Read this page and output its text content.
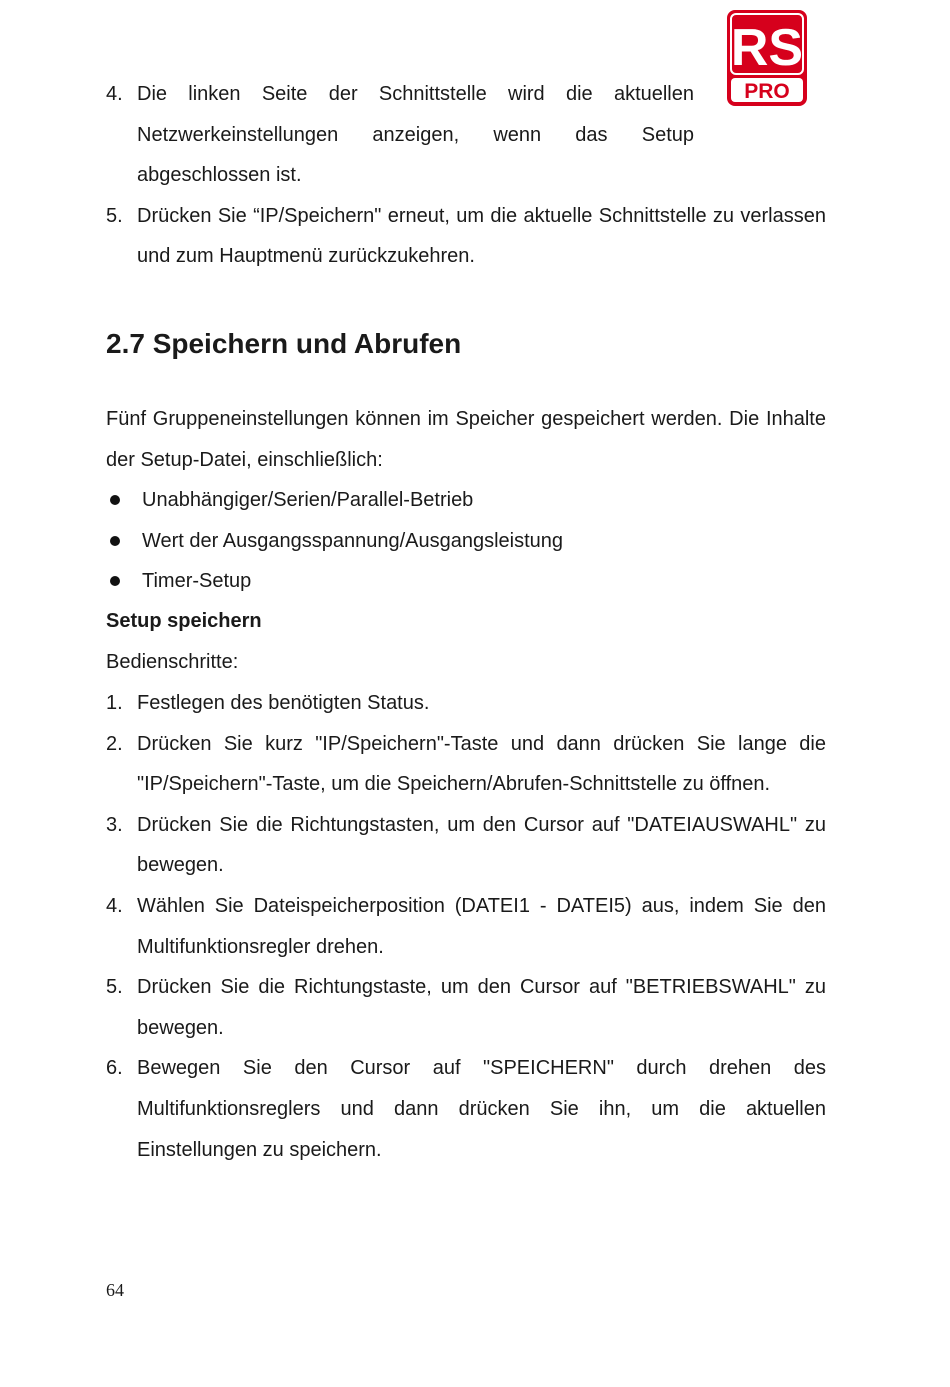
RS
PRO
4. Die linken Seite der Schnittstelle wird die aktuellen Netzwerkeinstellungen anzeigen, wenn das Setup abgeschlossen ist.
5. Drücken Sie “IP/Speichern" erneut, um die aktuelle Schnittstelle zu verlassen und zum Hauptmenü zurückzukehren.
2.7 Speichern und Abrufen
Fünf Gruppeneinstellungen können im Speicher gespeichert werden. Die Inhalte der Setup-Datei, einschließlich:
Unabhängiger/Serien/Parallel-Betrieb
Wert der Ausgangsspannung/Ausgangsleistung
Timer-Setup
Setup speichern
Bedienschritte:
1. Festlegen des benötigten Status.
2. Drücken Sie kurz "IP/Speichern"-Taste und dann drücken Sie lange die "IP/Speichern"-Taste, um die Speichern/Abrufen-Schnittstelle zu öffnen.
3. Drücken Sie die Richtungstasten, um den Cursor auf "DATEIAUSWAHL" zu bewegen.
4. Wählen Sie Dateispeicherposition (DATEI1 - DATEI5) aus, indem Sie den Multifunktionsregler drehen.
5. Drücken Sie die Richtungstaste, um den Cursor auf "BETRIEBSWAHL" zu bewegen.
6. Bewegen Sie den Cursor auf "SPEICHERN" durch drehen des Multifunktionsreglers und dann drücken Sie ihn, um die aktuellen Einstellungen zu speichern.
64
